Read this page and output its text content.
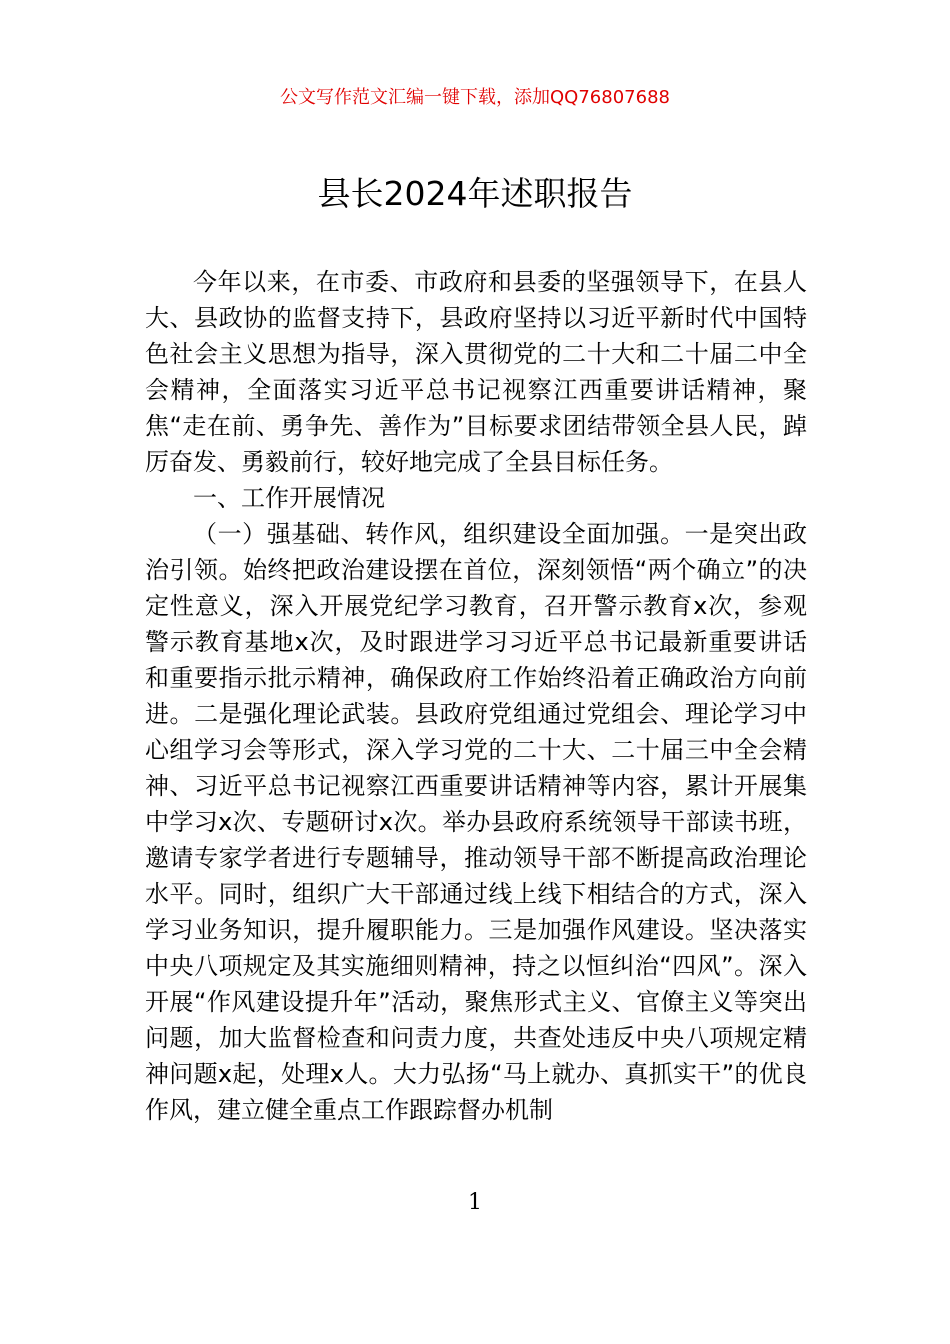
公文写作范文汇编一键下载，添加QQ76807688
县长2024年述职报告

今年以来，在市委、市政府和县委的坚强领导下，在县人大、县政协的监督支持下，县政府坚持以习近平新时代中国特色社会主义思想为指导，深入贯彻党的二十大和二十届二中全会精神，全面落实习近平总书记视察江西重要讲话精神，聚焦“走在前、勇争先、善作为”目标要求团结带领全县人民，踔厉奋发、勇毅前行，较好地完成了全县目标任务。

一、工作开展情况

（一）强基础、转作风，组织建设全面加强。一是突出政治引领。始终把政治建设摆在首位，深刻领悟“两个确立”的决定性意义，深入开展党纪学习教育，召开警示教育x次，参观警示教育基地x次，及时跟进学习习近平总书记最新重要讲话和重要指示批示精神，确保政府工作始终沿着正确政治方向前进。二是强化理论武装。县政府党组通过党组会、理论学习中心组学习会等形式，深入学习党的二十大、二十届三中全会精神、习近平总书记视察江西重要讲话精神等内容，累计开展集中学习x次、专题研讨x次。举办县政府系统领导干部读书班，邀请专家学者进行专题辅导，推动领导干部不断提高政治理论水平。同时，组织广大干部通过线上线下相结合的方式，深入学习业务知识，提升履职能力。三是加强作风建设。坚决落实中央八项规定及其实施细则精神，持之以恒纠治“四风”。深入开展“作风建设提升年”活动，聚焦形式主义、官僚主义等突出问题，加大监督检查和问责力度，共查处违反中央八项规定精神问题x起，处理x人。大力弘扬“马上就办、真抓实干”的优良作风，建立健全重点工作跟踪督办机制

1
